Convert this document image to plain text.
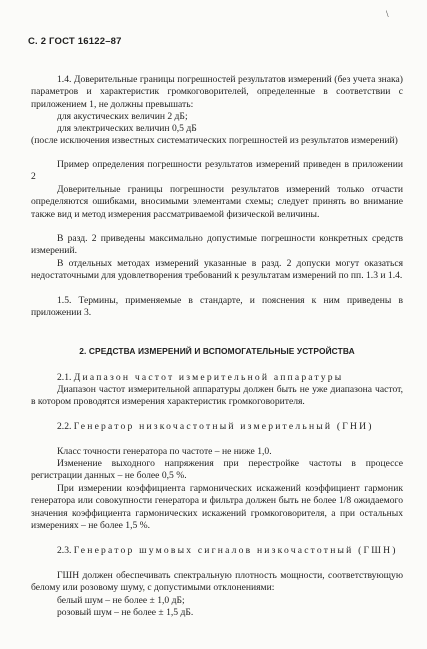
\
С. 2 ГОСТ 16122–87

1.4. Доверительные границы погрешностей результатов измерений (без учета знака) параметров и характеристик громкоговорителей, определенные в соответствии с приложением 1, не должны превышать:

для акустических величин 2 дБ;

для электрических величин 0,5 дБ

(после исключения известных систематических погрешностей из результатов измерений)

Пример определения погрешности результатов измерений приведен в приложении 2

Доверительные границы погрешности результатов измерений только отчасти определяются ошибками, вносимыми элементами схемы; следует принять во внимание также вид и метод измерения рассматриваемой физической величины.

В разд. 2 приведены максимально допустимые погрешности конкретных средств измерений.

В отдельных методах измерений указанные в разд. 2 допуски могут оказаться недостаточными для удовлетворения требований к результатам измерений по пп. 1.3 и 1.4.

1.5. Термины, применяемые в стандарте, и пояснения к ним приведены в приложении 3.

2. СРЕДСТВА ИЗМЕРЕНИЙ И ВСПОМОГАТЕЛЬНЫЕ УСТРОЙСТВА

2.1. Диапазон частот измерительной аппаратуры

Диапазон частот измерительной аппаратуры должен быть не уже диапазона частот, в котором проводятся измерения характеристик громкоговорителя.

2.2. Генератор низкочастотный измерительный (ГНИ)

Класс точности генератора по частоте – не ниже 1,0.

Изменение выходного напряжения при перестройке частоты в процессе регистрации данных – не более 0,5 %.

При измерении коэффициента гармонических искажений коэффициент гармоник генератора или совокупности генератора и фильтра должен быть не более 1/8 ожидаемого значения коэффициента гармонических искажений громкоговорителя, а при остальных измерениях – не более 1,5 %.

2.3. Генератор шумовых сигналов низкочастотный (ГШН)

ГШН должен обеспечивать спектральную плотность мощности, соответствующую белому или розовому шуму, с допустимыми отклонениями:

белый шум – не более ± 1,0 дБ;

розовый шум – не более ± 1,5 дБ.
